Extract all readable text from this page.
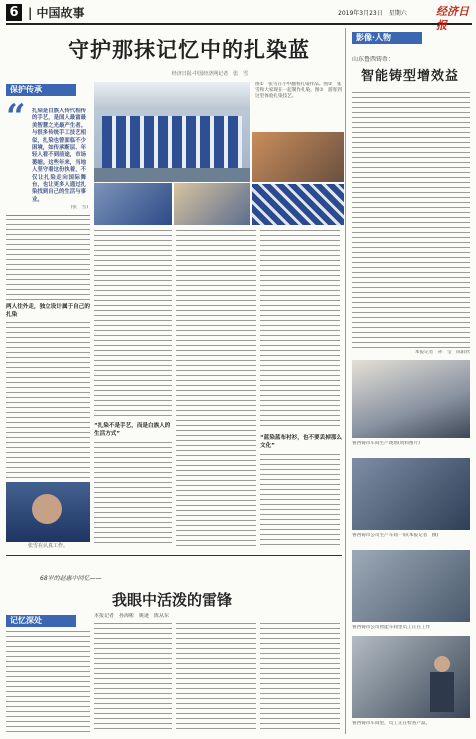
6 | 中国故事	2019年3月23日　星期六	经济日报
守护那抹记忆中的扎染蓝
经济日报·中国经济网记者　张　雪
图①　张雪在小中翻看扎染作品。图②　张雪和大家现在一起制作扎染。图③　游客到这里体验扎染技艺。
保护传承
“ 扎染是白族人传代相传的手艺，是国人最富最美智慧之光最产生者。与很多传统手工技艺相似，扎染也曾面临不少困境，如传承断层、年轻人看不到前途，市场萎缩。这些年来，当地人坚守着这份执着，不仅让扎染走向国际舞台，也让更多人通过扎染找到自己的生活与事业。
(张　雪)
两人往外走，独立设计属于自己的扎染
张雪在认真工作。
“扎染不是手艺，而是白族人的生活方式”
“蓝染蓝布衬衫，也不要丢掉那么文化”
68岁的赵惠中回忆——
我眼中活泼的雷锋
记忆深处	本报记者　孙海彬　姚逊　陈从东
影像·人物
山东鲁西铸币：
智能铸型增效益
本报记者　孙　莹　陈阳欣
鲁西铸币车间生产现场(资料图片)
鲁西铸币公司生产车间一角(本报记者　摄)
鲁西铸币公司智能车间里员工正在工作
鲁西铸币车间里，员工正在检查产品。
